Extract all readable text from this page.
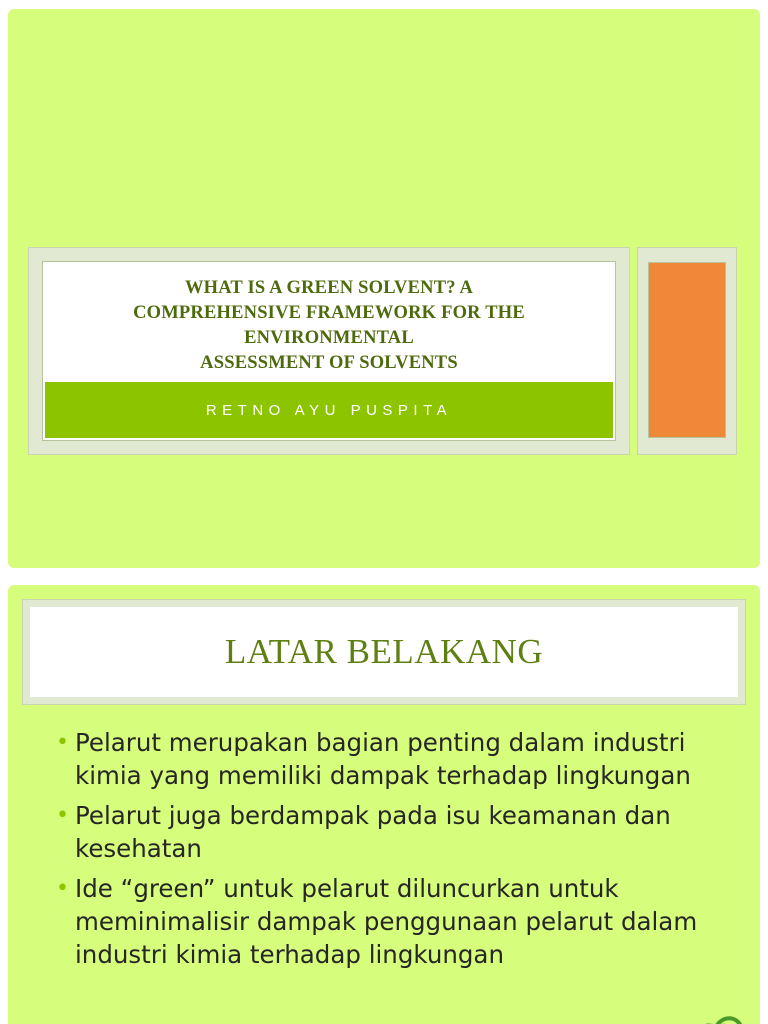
WHAT IS A GREEN SOLVENT? A
COMPREHENSIVE FRAMEWORK FOR THE
ENVIRONMENTAL
ASSESSMENT OF SOLVENTS
RETNO AYU PUSPITA
LATAR BELAKANG
• Pelarut merupakan bagian penting dalam industri kimia yang memiliki dampak terhadap lingkungan
• Pelarut juga berdampak pada isu keamanan dan kesehatan
• Ide “green” untuk pelarut diluncurkan untuk meminimalisir dampak penggunaan pelarut dalam industri kimia terhadap lingkungan
